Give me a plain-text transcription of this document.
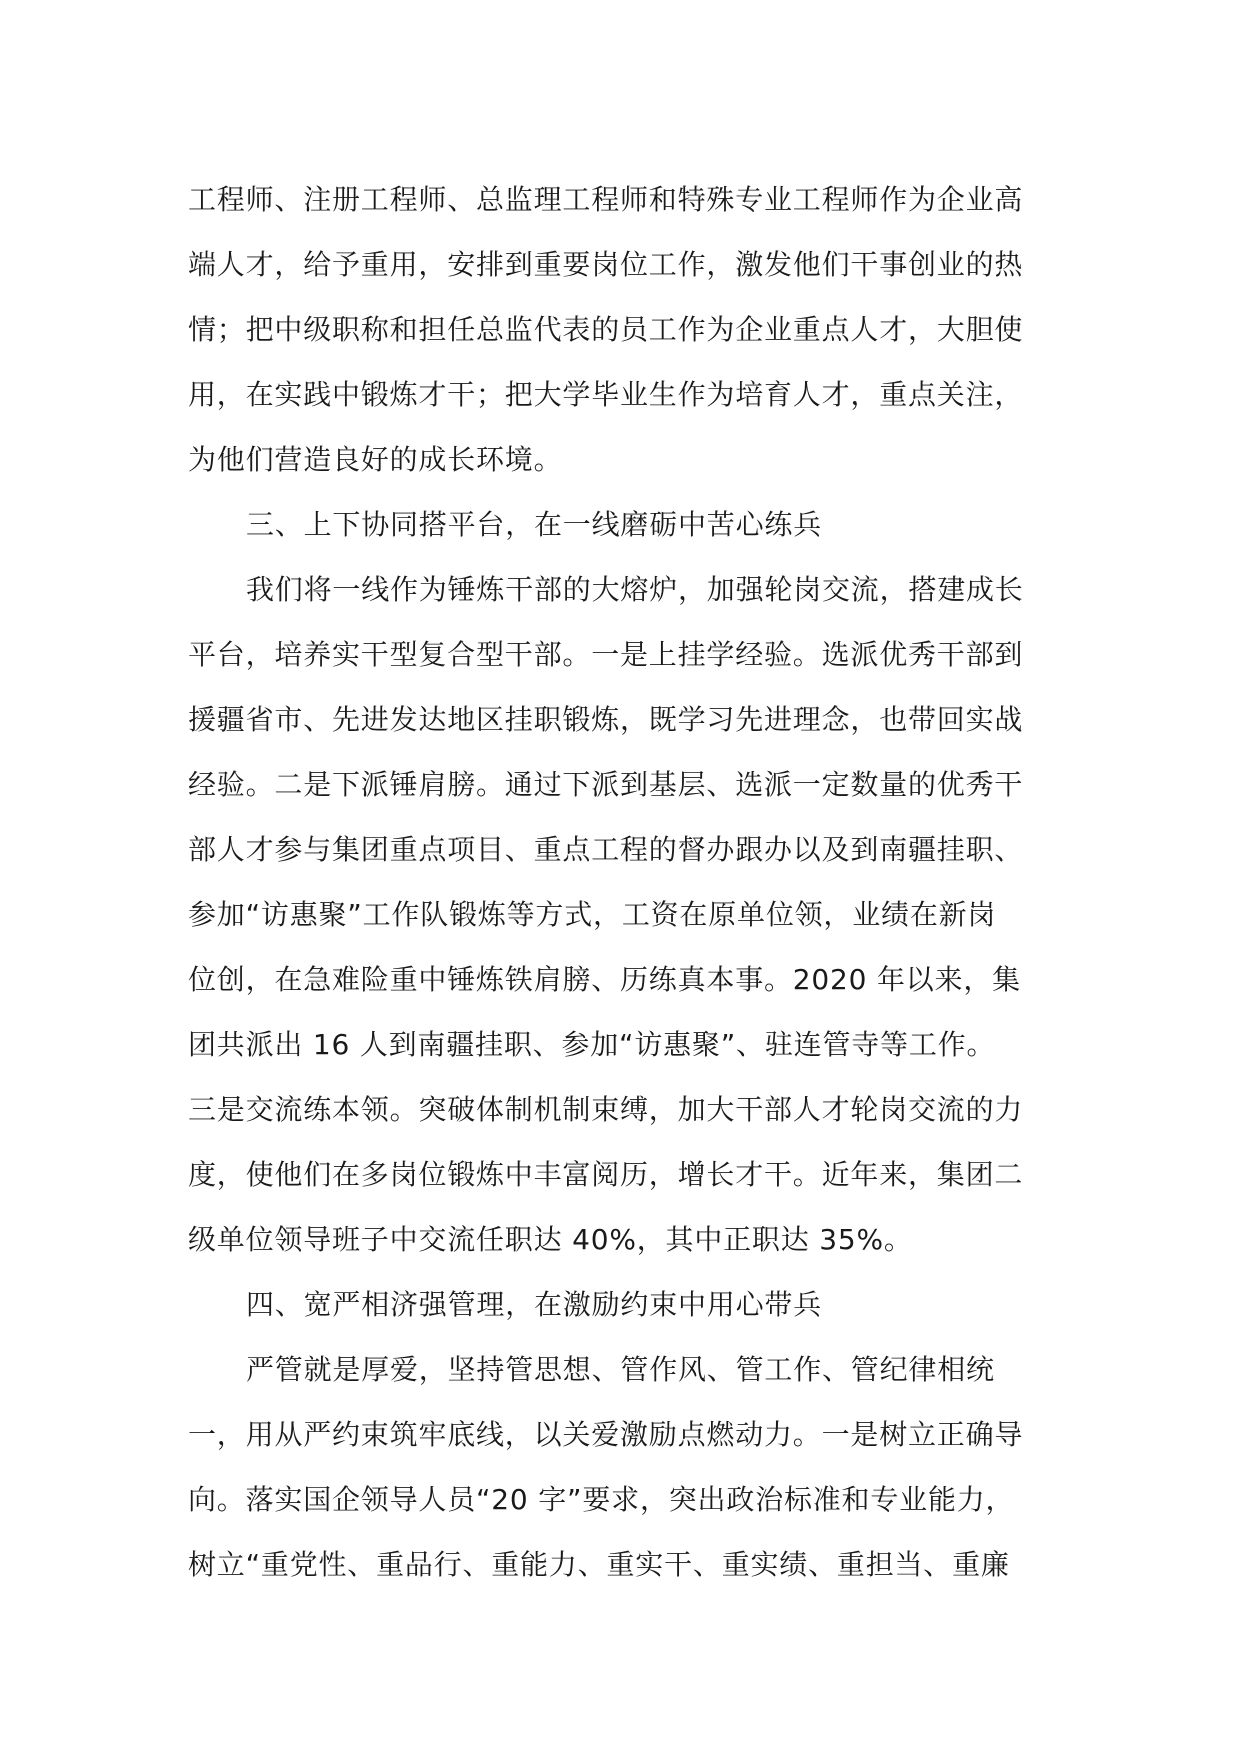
工程师、注册工程师、总监理工程师和特殊专业工程师作为企业高
端人才，给予重用，安排到重要岗位工作，激发他们干事创业的热
情；把中级职称和担任总监代表的员工作为企业重点人才，大胆使
用，在实践中锻炼才干；把大学毕业生作为培育人才，重点关注，
为他们营造良好的成长环境。
三、上下协同搭平台，在一线磨砺中苦心练兵
我们将一线作为锤炼干部的大熔炉，加强轮岗交流，搭建成长
平台，培养实干型复合型干部。一是上挂学经验。选派优秀干部到
援疆省市、先进发达地区挂职锻炼，既学习先进理念，也带回实战
经验。二是下派锤肩膀。通过下派到基层、选派一定数量的优秀干
部人才参与集团重点项目、重点工程的督办跟办以及到南疆挂职、
参加“访惠聚”工作队锻炼等方式，工资在原单位领，业绩在新岗
位创，在急难险重中锤炼铁肩膀、历练真本事。2020 年以来，集
团共派出 16 人到南疆挂职、参加“访惠聚”、驻连管寺等工作。
三是交流练本领。突破体制机制束缚，加大干部人才轮岗交流的力
度，使他们在多岗位锻炼中丰富阅历，增长才干。近年来，集团二
级单位领导班子中交流任职达 40%，其中正职达 35%。
四、宽严相济强管理，在激励约束中用心带兵
严管就是厚爱，坚持管思想、管作风、管工作、管纪律相统
一，用从严约束筑牢底线，以关爱激励点燃动力。一是树立正确导
向。落实国企领导人员“20 字”要求，突出政治标准和专业能力，
树立“重党性、重品行、重能力、重实干、重实绩、重担当、重廉
